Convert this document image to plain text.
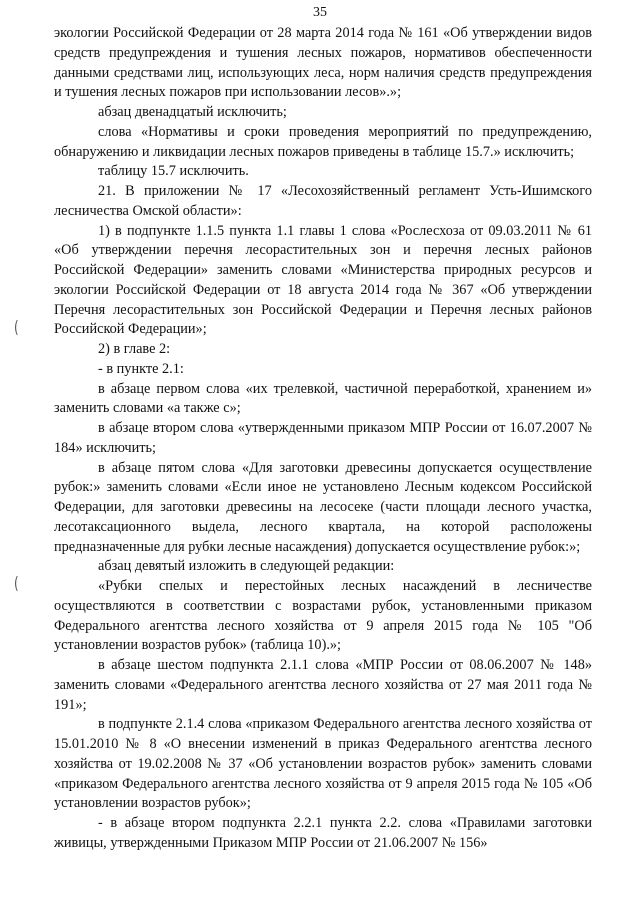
35
(
(

экологии Российской Федерации от 28 марта 2014 года № 161 «Об утверждении видов средств предупреждения и тушения лесных пожаров, нормативов обеспеченности данными средствами лиц, использующих леса, норм наличия средств предупреждения и тушения лесных пожаров при использовании лесов».»;

абзац двенадцатый исключить;

слова «Нормативы и сроки проведения мероприятий по предупреждению, обнаружению и ликвидации лесных пожаров приведены в таблице 15.7.» исключить;

таблицу 15.7 исключить.

21. В приложении № 17 «Лесохозяйственный регламент Усть-Ишимского лесничества Омской области»:

1) в подпункте 1.1.5 пункта 1.1 главы 1 слова «Рослесхоза от 09.03.2011 № 61 «Об утверждении перечня лесорастительных зон и перечня лесных районов Российской Федерации» заменить словами «Министерства природных ресурсов и экологии Российской Федерации от 18 августа 2014 года № 367 «Об утверждении Перечня лесорастительных зон Российской Федерации и Перечня лесных районов Российской Федерации»;

2) в главе 2:

- в пункте 2.1:

в абзаце первом слова «их трелевкой, частичной переработкой, хранением и» заменить словами «а также с»;

в абзаце втором слова «утвержденными приказом МПР России от 16.07.2007 № 184» исключить;

в абзаце пятом слова «Для заготовки древесины допускается осуществление рубок:» заменить словами «Если иное не установлено Лесным кодексом Российской Федерации, для заготовки древесины на лесосеке (части площади лесного участка, лесотаксационного выдела, лесного квартала, на которой расположены предназначенные для рубки лесные насаждения) допускается осуществление рубок:»;

абзац девятый изложить в следующей редакции:

«Рубки спелых и перестойных лесных насаждений в лесничестве осуществляются в соответствии с возрастами рубок, установленными приказом Федерального агентства лесного хозяйства от 9 апреля 2015 года № 105 "Об установлении возрастов рубок» (таблица 10).»;

в абзаце шестом подпункта 2.1.1 слова «МПР России от 08.06.2007 № 148» заменить словами «Федерального агентства лесного хозяйства от 27 мая 2011 года № 191»;

в подпункте 2.1.4 слова «приказом Федерального агентства лесного хозяйства от 15.01.2010 № 8 «О внесении изменений в приказ Федерального агентства лесного хозяйства от 19.02.2008 № 37 «Об установлении возрастов рубок» заменить словами «приказом Федерального агентства лесного хозяйства от 9 апреля 2015 года № 105 «Об установлении возрастов рубок»;

- в абзаце втором подпункта 2.2.1 пункта 2.2. слова «Правилами заготовки живицы, утвержденными Приказом МПР России от 21.06.2007 № 156»
